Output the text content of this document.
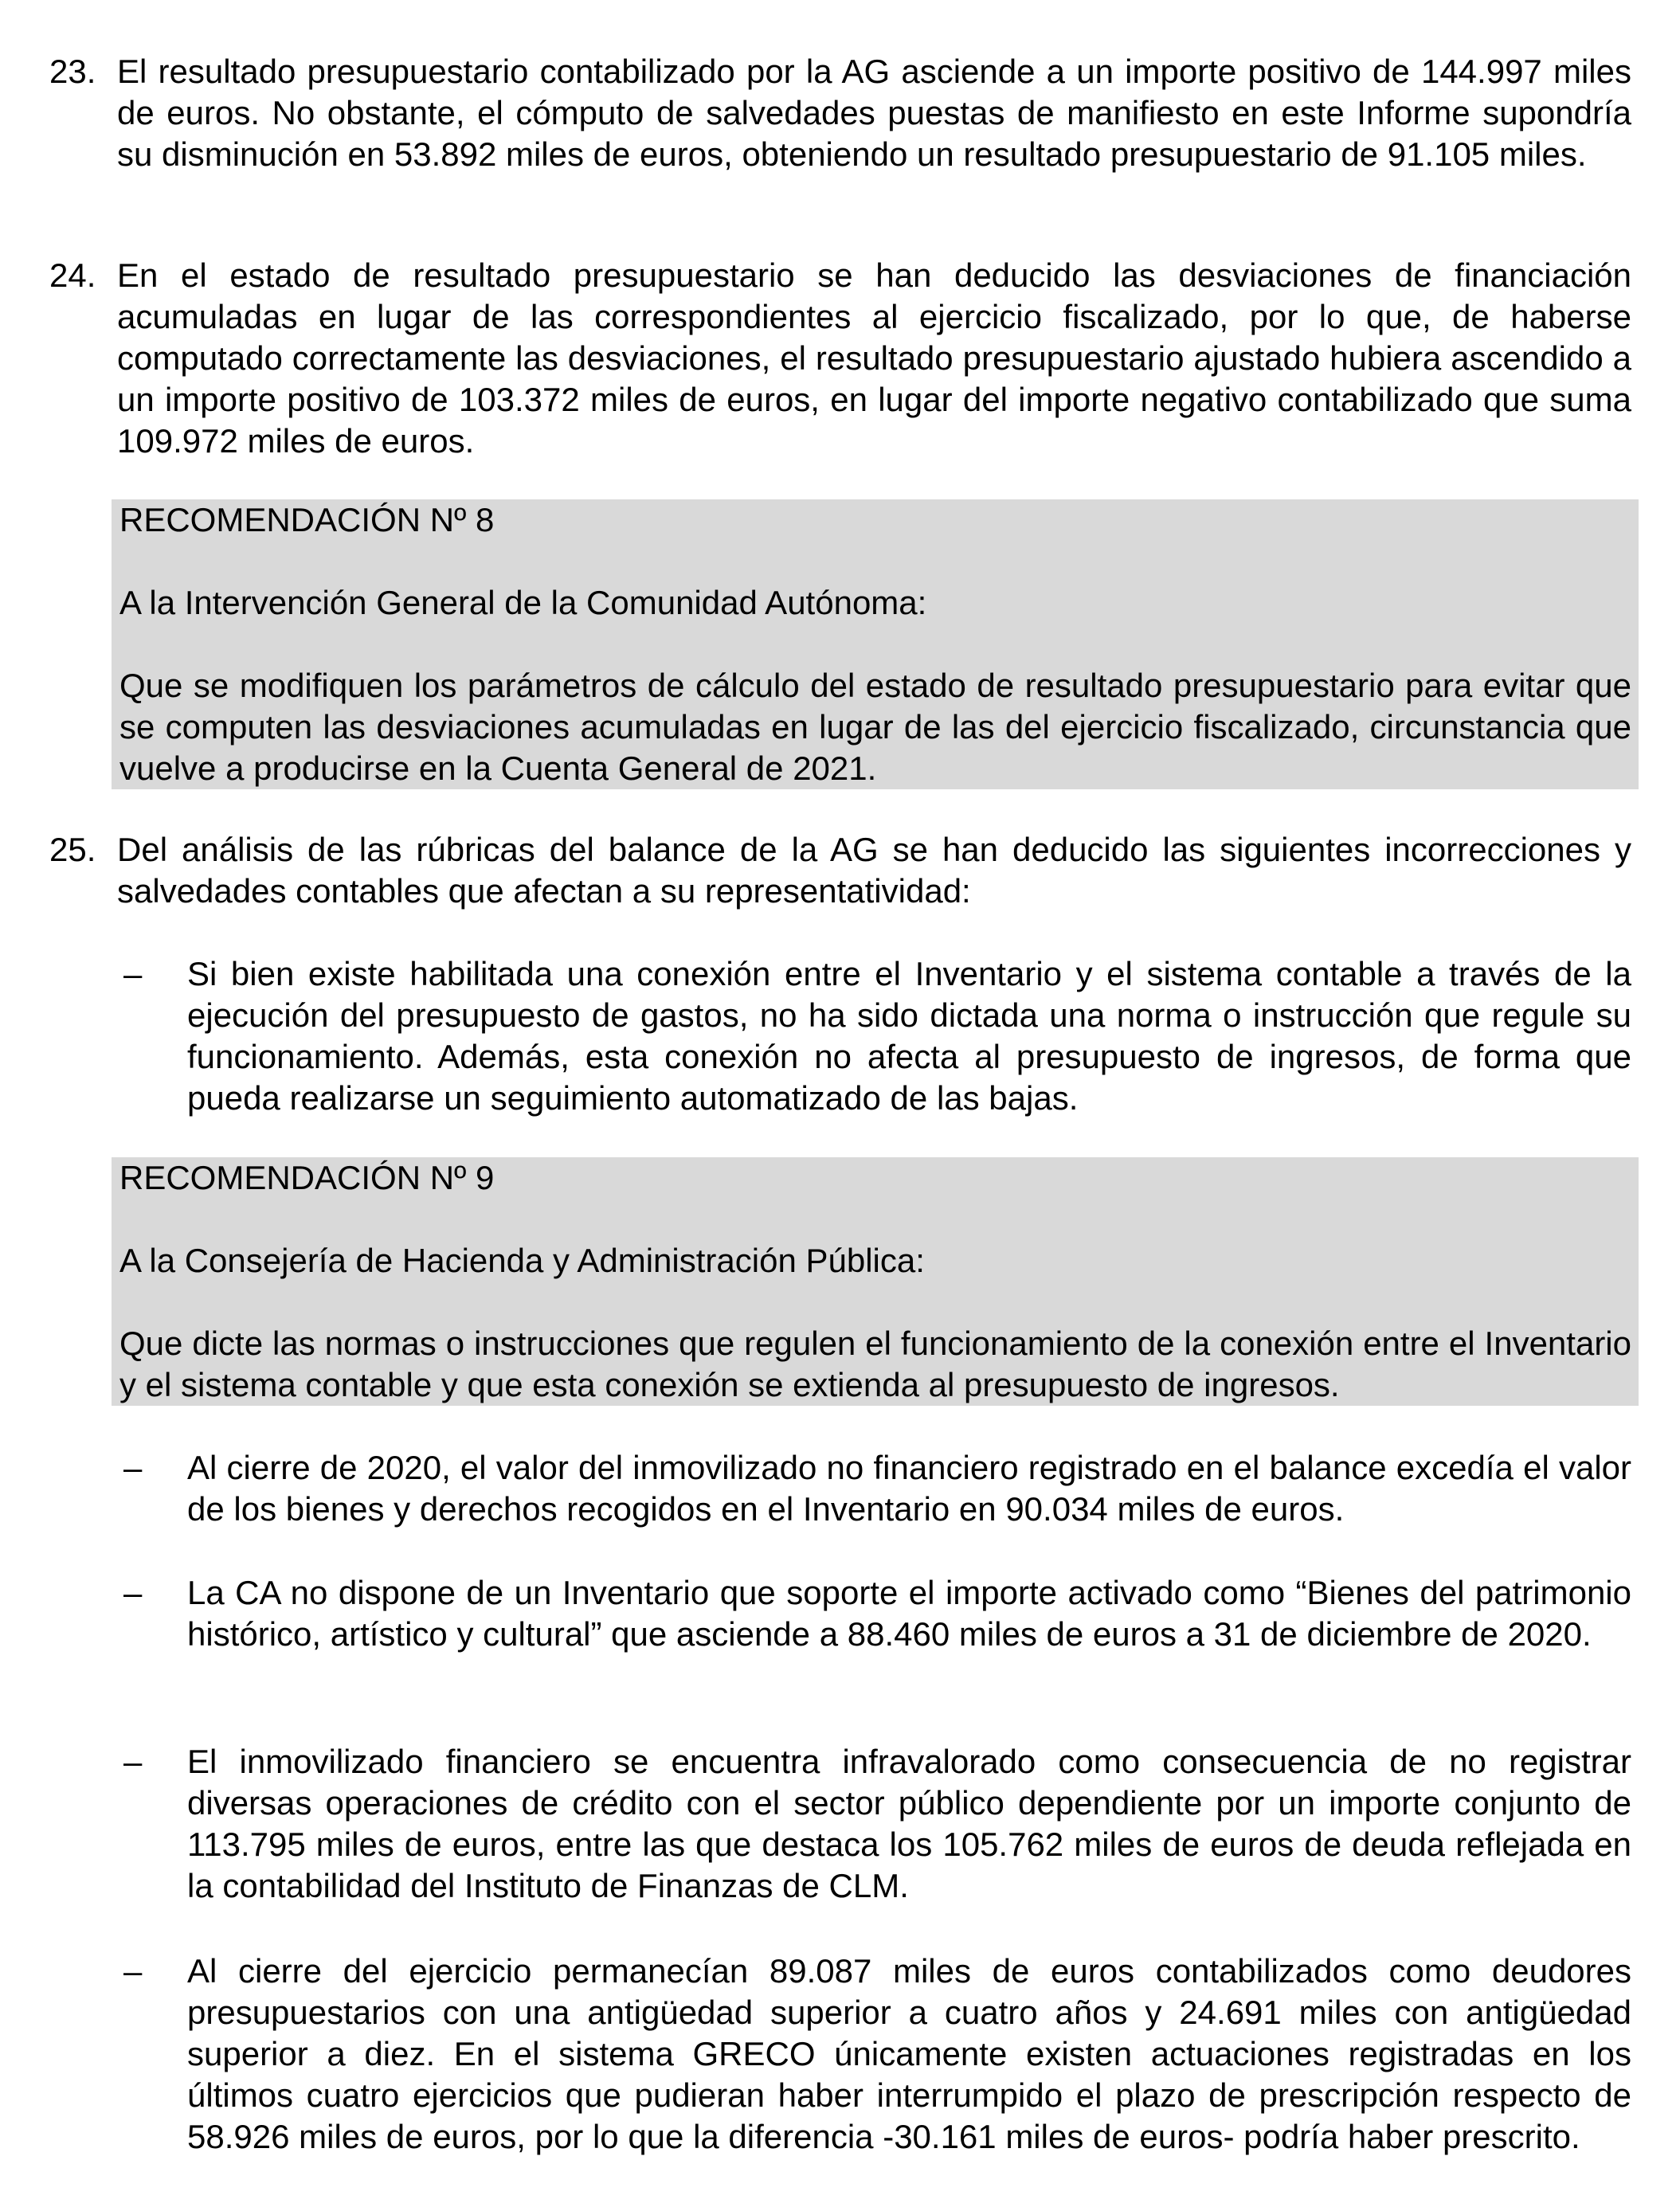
23. El resultado presupuestario contabilizado por la AG asciende a un importe positivo de 144.997 miles de euros. No obstante, el cómputo de salvedades puestas de manifiesto en este Informe supondría su disminución en 53.892 miles de euros, obteniendo un resultado presupuestario de 91.105 miles.

24. En el estado de resultado presupuestario se han deducido las desviaciones de financiación acumuladas en lugar de las correspondientes al ejercicio fiscalizado, por lo que, de haberse computado correctamente las desviaciones, el resultado presupuestario ajustado hubiera ascendido a un importe positivo de 103.372 miles de euros, en lugar del importe negativo contabilizado que suma 109.972 miles de euros.

RECOMENDACIÓN Nº 8

A la Intervención General de la Comunidad Autónoma:

Que se modifiquen los parámetros de cálculo del estado de resultado presupuestario para evitar que se computen las desviaciones acumuladas en lugar de las del ejercicio fiscalizado, circunstancia que vuelve a producirse en la Cuenta General de 2021.

25. Del análisis de las rúbricas del balance de la AG se han deducido las siguientes incorrecciones y salvedades contables que afectan a su representatividad:

– Si bien existe habilitada una conexión entre el Inventario y el sistema contable a través de la ejecución del presupuesto de gastos, no ha sido dictada una norma o instrucción que regule su funcionamiento. Además, esta conexión no afecta al presupuesto de ingresos, de forma que pueda realizarse un seguimiento automatizado de las bajas.

RECOMENDACIÓN Nº 9

A la Consejería de Hacienda y Administración Pública:

Que dicte las normas o instrucciones que regulen el funcionamiento de la conexión entre el Inventario y el sistema contable y que esta conexión se extienda al presupuesto de ingresos.

– Al cierre de 2020, el valor del inmovilizado no financiero registrado en el balance excedía el valor de los bienes y derechos recogidos en el Inventario en 90.034 miles de euros.

– La CA no dispone de un Inventario que soporte el importe activado como “Bienes del patrimonio histórico, artístico y cultural” que asciende a 88.460 miles de euros a 31 de diciembre de 2020.

– El inmovilizado financiero se encuentra infravalorado como consecuencia de no registrar diversas operaciones de crédito con el sector público dependiente por un importe conjunto de 113.795 miles de euros, entre las que destaca los 105.762 miles de euros de deuda reflejada en la contabilidad del Instituto de Finanzas de CLM.

– Al cierre del ejercicio permanecían 89.087 miles de euros contabilizados como deudores presupuestarios con una antigüedad superior a cuatro años y 24.691 miles con antigüedad superior a diez. En el sistema GRECO únicamente existen actuaciones registradas en los últimos cuatro ejercicios que pudieran haber interrumpido el plazo de prescripción respecto de 58.926 miles de euros, por lo que la diferencia -30.161 miles de euros- podría haber prescrito.
